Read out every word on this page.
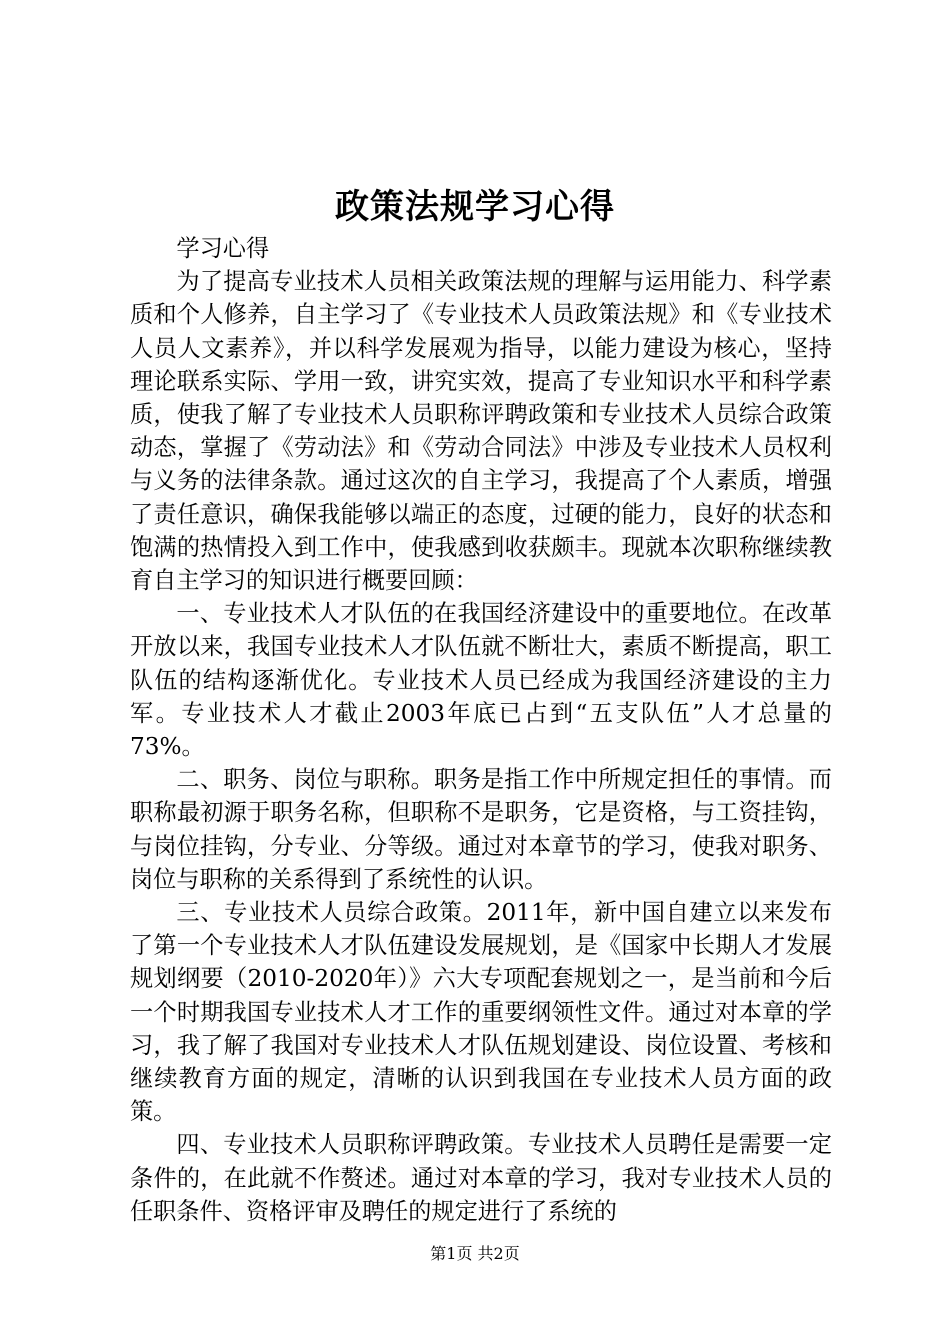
政策法规学习心得

学习心得

为了提高专业技术人员相关政策法规的理解与运用能力、科学素质和个人修养，自主学习了《专业技术人员政策法规》和《专业技术人员人文素养》，并以科学发展观为指导，以能力建设为核心，坚持理论联系实际、学用一致，讲究实效，提高了专业知识水平和科学素质，使我了解了专业技术人员职称评聘政策和专业技术人员综合政策动态，掌握了《劳动法》和《劳动合同法》中涉及专业技术人员权利与义务的法律条款。通过这次的自主学习，我提高了个人素质，增强了责任意识，确保我能够以端正的态度，过硬的能力，良好的状态和饱满的热情投入到工作中，使我感到收获颇丰。现就本次职称继续教育自主学习的知识进行概要回顾：

一、专业技术人才队伍的在我国经济建设中的重要地位。在改革开放以来，我国专业技术人才队伍就不断壮大，素质不断提高，职工队伍的结构逐渐优化。专业技术人员已经成为我国经济建设的主力军。专业技术人才截止2003年底已占到“五支队伍”人才总量的73%。

二、职务、岗位与职称。职务是指工作中所规定担任的事情。而职称最初源于职务名称，但职称不是职务，它是资格，与工资挂钩，与岗位挂钩，分专业、分等级。通过对本章节的学习，使我对职务、岗位与职称的关系得到了系统性的认识。

三、专业技术人员综合政策。2011年，新中国自建立以来发布了第一个专业技术人才队伍建设发展规划，是《国家中长期人才发展规划纲要（2010-2020年）》六大专项配套规划之一，是当前和今后一个时期我国专业技术人才工作的重要纲领性文件。通过对本章的学习，我了解了我国对专业技术人才队伍规划建设、岗位设置、考核和继续教育方面的规定，清晰的认识到我国在专业技术人员方面的政策。

四、专业技术人员职称评聘政策。专业技术人员聘任是需要一定条件的，在此就不作赘述。通过对本章的学习，我对专业技术人员的任职条件、资格评审及聘任的规定进行了系统的

第1页 共2页
